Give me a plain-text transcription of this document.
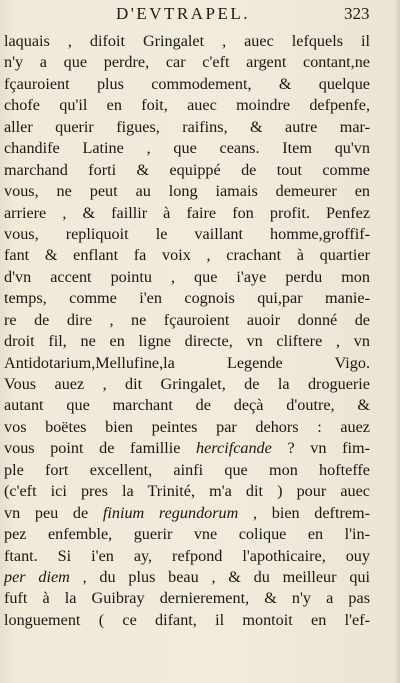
D'EVTRAPEL.	323
laquais , difoit Gringalet , auec lefquels il
n'y a que perdre, car c'eft argent contant,ne
fçauroient plus commodement, & quelque
chofe qu'il en foit, auec moindre defpenfe,
aller querir figues, raifins, & autre mar-
chandife Latine , que ceans. Item qu'vn
marchand forti & equippé de tout comme
vous, ne peut au long iamais demeurer en
arriere , & faillir à faire fon profit. Penfez
vous, repliquoit le vaillant homme,groffif-
fant & enflant fa voix , crachant à quartier
d'vn accent pointu , que i'aye perdu mon
temps, comme i'en cognois qui,par manie-
re de dire , ne fçauroient auoir donné de
droit fil, ne en ligne directe, vn cliftere , vn
Antidotarium,Mellufine,la Legende Vigo.
Vous auez , dit Gringalet, de la droguerie
autant que marchant de deçà d'outre, &
vos boëtes bien peintes par dehors : auez
vous point de famillie hercifcande ? vn fim-
ple fort excellent, ainfi que mon hofteffe
(c'eft ici pres la Trinité, m'a dit ) pour auec
vn peu de finium regundorum , bien deftrem-
pez enfemble, guerir vne colique en l'in-
ftant. Si i'en ay, refpond l'apothicaire, ouy
per diem , du plus beau , & du meilleur qui
fuft à la Guibray dernierement, & n'y a pas
longuement ( ce difant, il montoit en l'ef-
